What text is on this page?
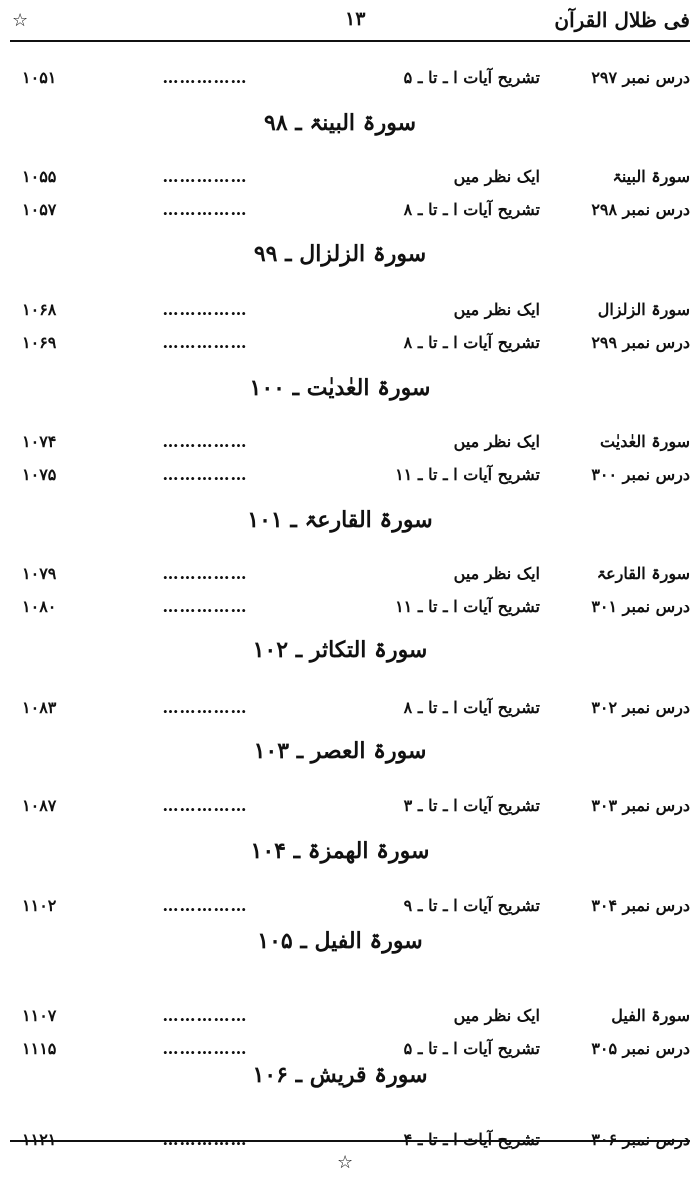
فی ظلال القرآن
۱۳
☆
درس نمبر ۲۹۷
تشریح آیات ا ـ تا ـ ۵
……………
۱۰۵۱
سورۃ البینۃ ـ ۹۸
سورۃ البینۃ
ایک نظر میں
……………
۱۰۵۵
درس نمبر ۲۹۸
تشریح آیات ا ـ تا ـ ۸
……………
۱۰۵۷
سورۃ الزلزال ـ ۹۹
سورۃ الزلزال
ایک نظر میں
……………
۱۰۶۸
درس نمبر ۲۹۹
تشریح آیات ا ـ تا ـ ۸
……………
۱۰۶۹
سورۃ العٰدیٰت ـ ۱۰۰
سورۃ العٰدیٰت
ایک نظر میں
……………
۱۰۷۴
درس نمبر ۳۰۰
تشریح آیات ا ـ تا ـ ۱۱
……………
۱۰۷۵
سورۃ القارعۃ ـ ۱۰۱
سورۃ القارعۃ
ایک نظر میں
……………
۱۰۷۹
درس نمبر ۳۰۱
تشریح آیات ا ـ تا ـ ۱۱
……………
۱۰۸۰
سورۃ التکاثر ـ ۱۰۲
درس نمبر ۳۰۲
تشریح آیات ا ـ تا ـ ۸
……………
۱۰۸۳
سورۃ العصر ـ ۱۰۳
درس نمبر ۳۰۳
تشریح آیات ا ـ تا ـ ۳
……………
۱۰۸۷
سورۃ الھمزۃ ـ ۱۰۴
درس نمبر ۳۰۴
تشریح آیات ا ـ تا ـ ۹
……………
۱۱۰۲
سورۃ الفیل ـ ۱۰۵
سورۃ الفیل
ایک نظر میں
……………
۱۱۰۷
درس نمبر ۳۰۵
تشریح آیات ا ـ تا ـ ۵
……………
۱۱۱۵
سورۃ قریش ـ ۱۰۶
درس نمبر ۳۰۶
تشریح آیات ا ـ تا ـ ۴
……………
۱۱۲۱
☆
